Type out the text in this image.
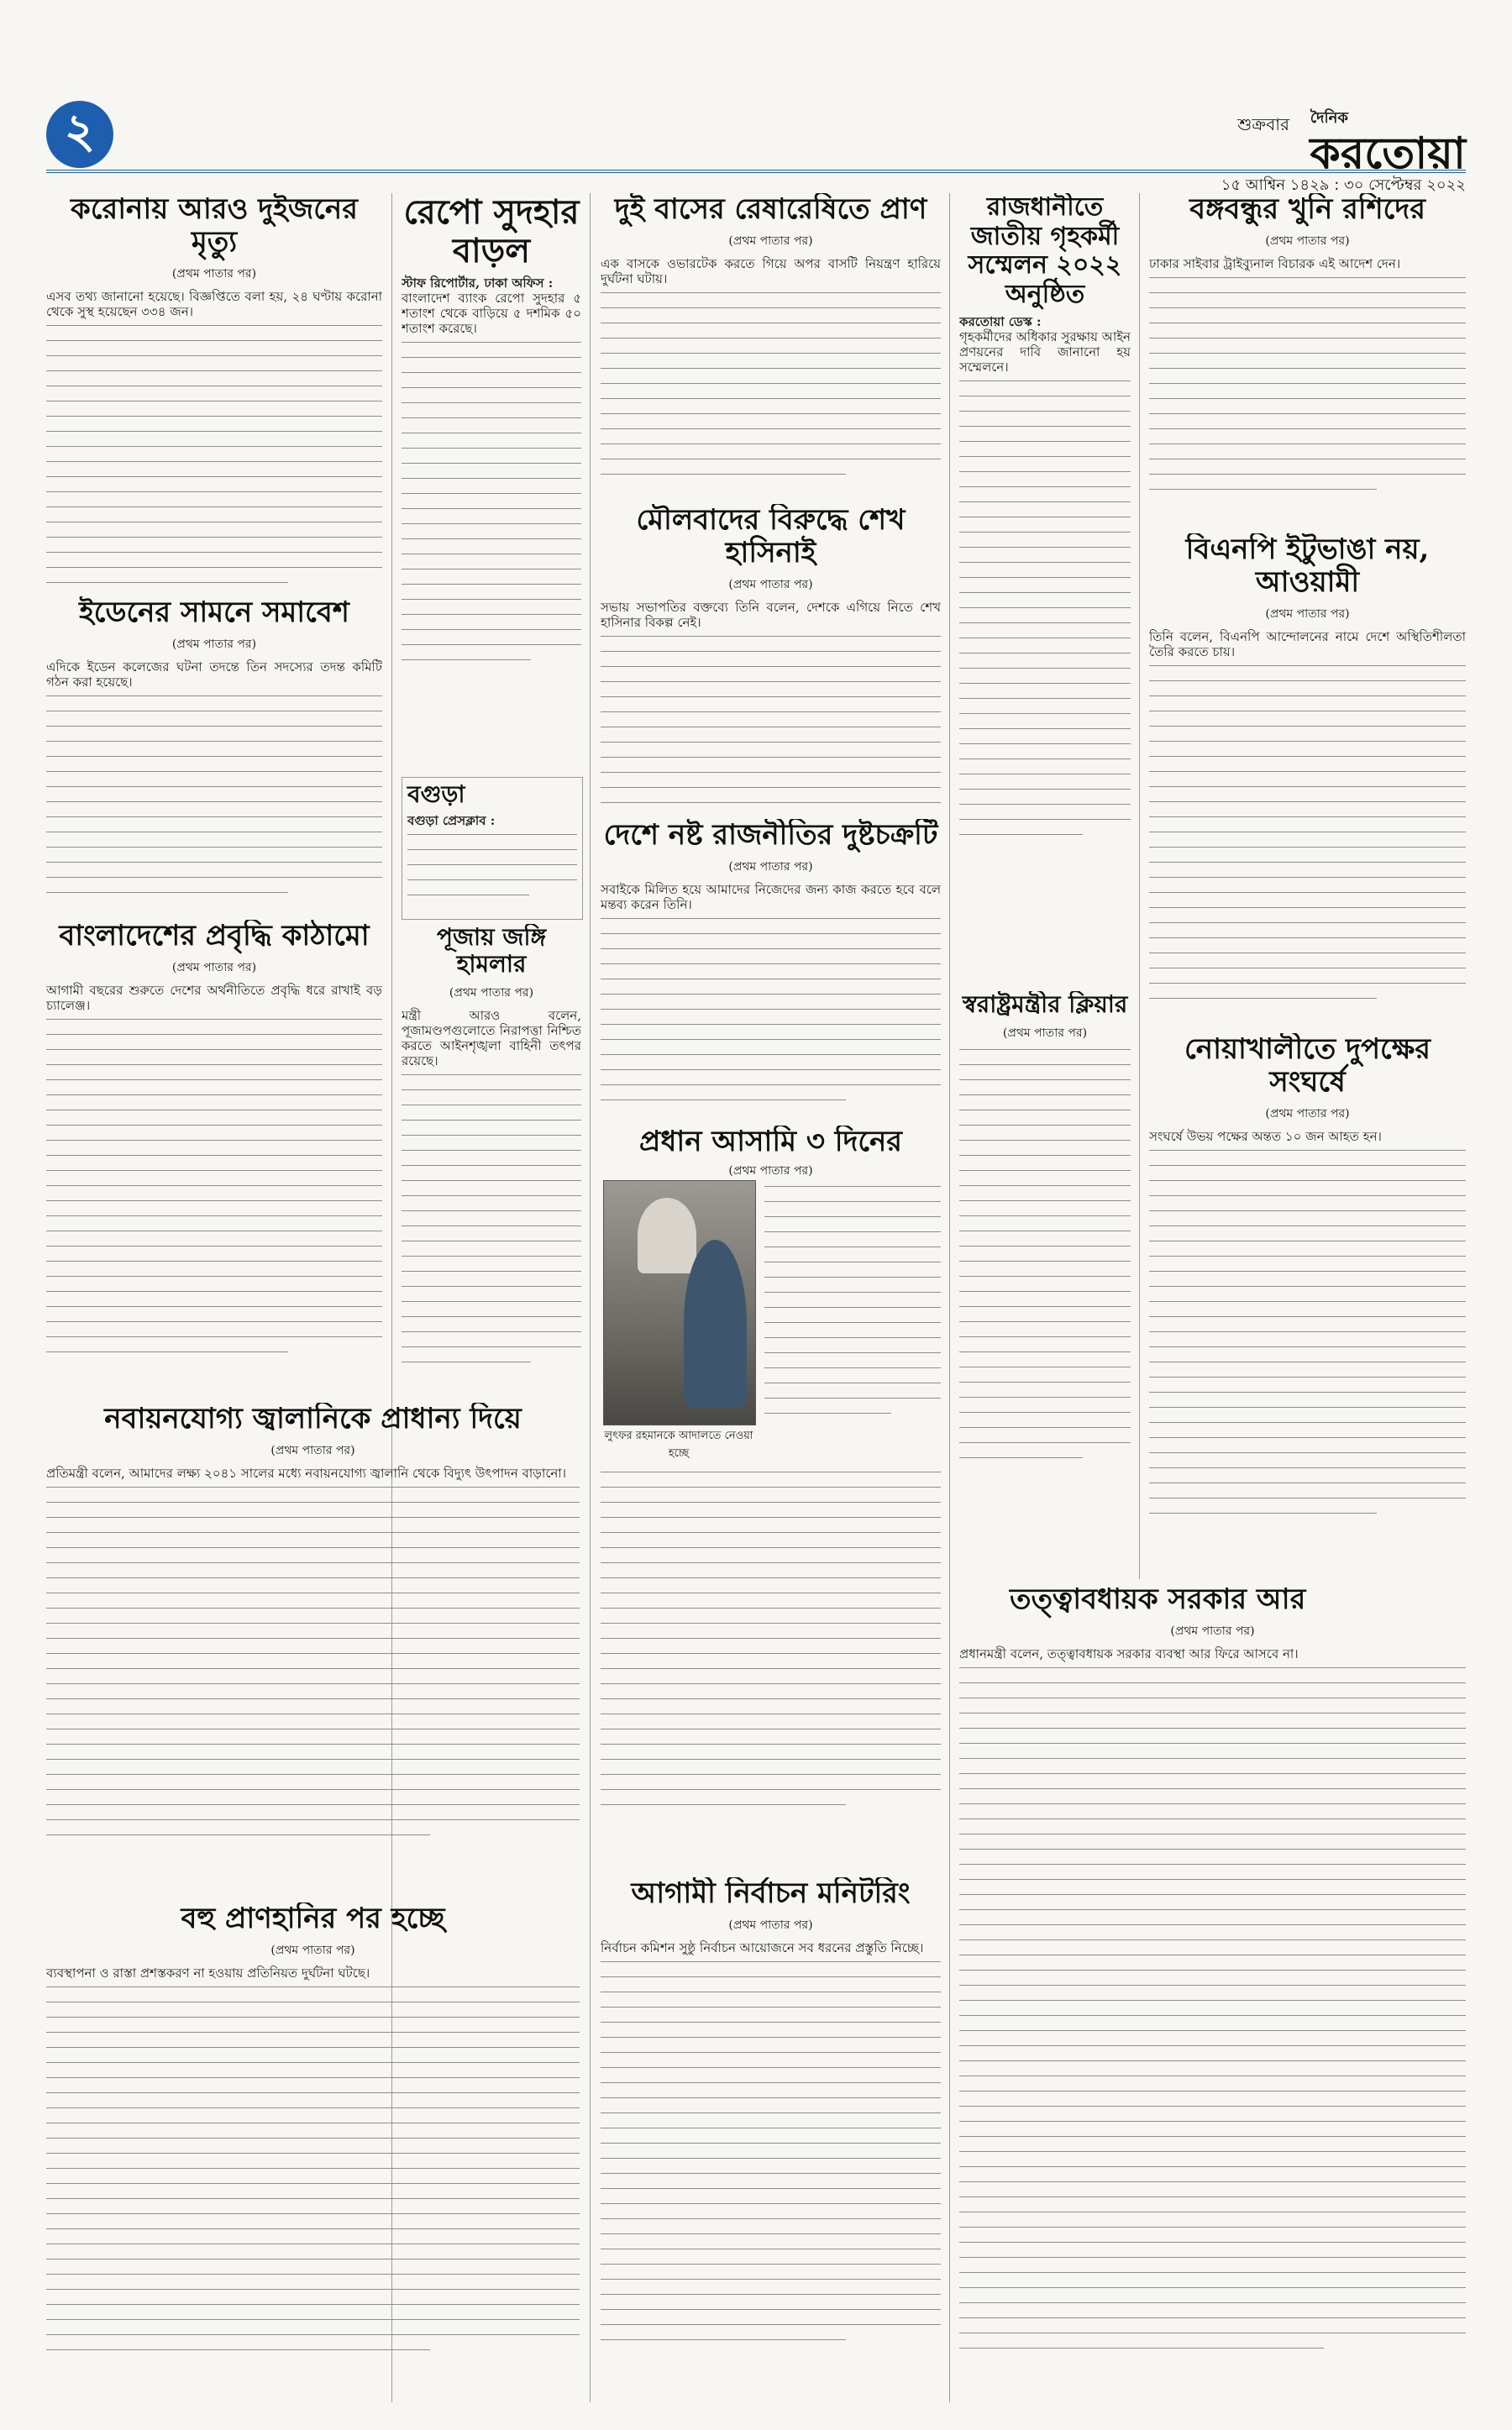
২	শুক্রবার দৈনিক
করতোয়া
১৫ আশ্বিন ১৪২৯ : ৩০ সেপ্টেম্বর ২০২২
করোনায় আরও দুইজনের মৃত্যু
(প্রথম পাতার পর)

এসব তথ্য জানানো হয়েছে। বিজ্ঞপ্তিতে বলা হয়, ২৪ ঘণ্টায় করোনা থেকে সুস্থ হয়েছেন ৩৩৪ জন।

ইডেনের সামনে সমাবেশ
(প্রথম পাতার পর)

এদিকে ইডেন কলেজের ঘটনা তদন্তে তিন সদস্যের তদন্ত কমিটি গঠন করা হয়েছে।

বাংলাদেশের প্রবৃদ্ধি কাঠামো
(প্রথম পাতার পর)

আগামী বছরের শুরুতে দেশের অর্থনীতিতে প্রবৃদ্ধি ধরে রাখাই বড় চ্যালেঞ্জ।

নবায়নযোগ্য জ্বালানিকে প্রাধান্য দিয়ে
(প্রথম পাতার পর)

প্রতিমন্ত্রী বলেন, আমাদের লক্ষ্য ২০৪১ সালের মধ্যে নবায়নযোগ্য জ্বালানি থেকে বিদ্যুৎ উৎপাদন বাড়ানো।

বহু প্রাণহানির পর হচ্ছে
(প্রথম পাতার পর)

ব্যবস্থাপনা ও রাস্তা প্রশস্তকরণ না হওয়ায় প্রতিনিয়ত দুর্ঘটনা ঘটছে।

রেপো সুদহার বাড়ল

স্টাফ রিপোর্টার, ঢাকা অফিস :

বাংলাদেশ ব্যাংক রেপো সুদহার ৫ শতাংশ থেকে বাড়িয়ে ৫ দশমিক ৫০ শতাংশ করেছে।

বগুড়া

বগুড়া প্রেসক্লাব :

পূজায় জঙ্গি হামলার
(প্রথম পাতার পর)

মন্ত্রী আরও বলেন, পূজামণ্ডপগুলোতে নিরাপত্তা নিশ্চিত করতে আইনশৃঙ্খলা বাহিনী তৎপর রয়েছে।

দুই বাসের রেষারেষিতে প্রাণ
(প্রথম পাতার পর)

এক বাসকে ওভারটেক করতে গিয়ে অপর বাসটি নিয়ন্ত্রণ হারিয়ে দুর্ঘটনা ঘটায়।

মৌলবাদের বিরুদ্ধে শেখ হাসিনাই
(প্রথম পাতার পর)

সভায় সভাপতির বক্তব্যে তিনি বলেন, দেশকে এগিয়ে নিতে শেখ হাসিনার বিকল্প নেই।

দেশে নষ্ট রাজনীতির দুষ্টচক্রটি
(প্রথম পাতার পর)

সবাইকে মিলিত হয়ে আমাদের নিজেদের জন্য কাজ করতে হবে বলে মন্তব্য করেন তিনি।

প্রধান আসামি ৩ দিনের
(প্রথম পাতার পর)
লুৎফর রহমানকে আদালতে নেওয়া হচ্ছে
আগামী নির্বাচন মনিটরিং
(প্রথম পাতার পর)

নির্বাচন কমিশন সুষ্ঠু নির্বাচন আয়োজনে সব ধরনের প্রস্তুতি নিচ্ছে।

রাজধানীতে জাতীয় গৃহকর্মী সম্মেলন ২০২২ অনুষ্ঠিত

করতোয়া ডেস্ক :

গৃহকর্মীদের অধিকার সুরক্ষায় আইন প্রণয়নের দাবি জানানো হয় সম্মেলনে।

স্বরাষ্ট্রমন্ত্রীর ক্লিয়ার
(প্রথম পাতার পর)
বঙ্গবন্ধুর খুনি রশিদের
(প্রথম পাতার পর)

ঢাকার সাইবার ট্রাইব্যুনাল বিচারক এই আদেশ দেন।

বিএনপি ইটুভাঙা নয়, আওয়ামী
(প্রথম পাতার পর)

তিনি বলেন, বিএনপি আন্দোলনের নামে দেশে অস্থিতিশীলতা তৈরি করতে চায়।

নোয়াখালীতে দুপক্ষের সংঘর্ষে
(প্রথম পাতার পর)

সংঘর্ষে উভয় পক্ষের অন্তত ১০ জন আহত হন।

তত্ত্বাবধায়ক সরকার আর
(প্রথম পাতার পর)

প্রধানমন্ত্রী বলেন, তত্ত্বাবধায়ক সরকার ব্যবস্থা আর ফিরে আসবে না।
